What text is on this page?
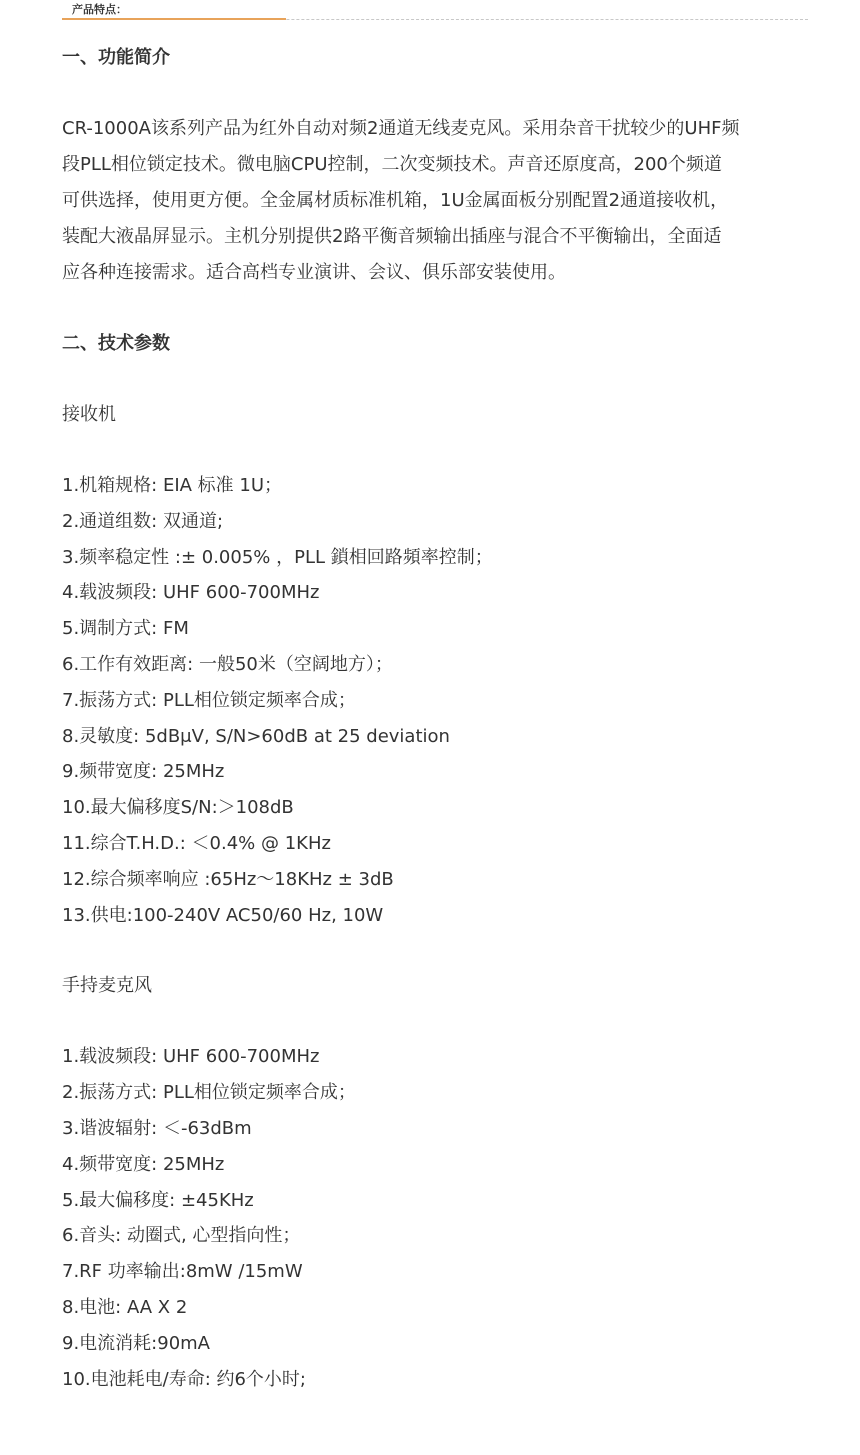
产品特点：
一、功能简介

CR-1000A该系列产品为红外自动对频2通道无线麦克风。采用杂音干扰较少的UHF频

段PLL相位锁定技术。微电脑CPU控制，二次变频技术。声音还原度高，200个频道

可供选择，使用更方便。全金属材质标准机箱，1U金属面板分别配置2通道接收机，

装配大液晶屏显示。主机分别提供2路平衡音频输出插座与混合不平衡输出，全面适

应各种连接需求。适合高档专业演讲、会议、俱乐部安装使用。

二、技术参数

接收机

1.机箱规格: EIA 标准 1U；
2.通道组数: 双通道;
3.频率稳定性 :± 0.005% ，PLL 鎖相回路頻率控制；
4.载波频段: UHF 600-700MHz
5.调制方式: FM
6.工作有效距离: 一般50米（空阔地方）；
7.振荡方式: PLL相位锁定频率合成；
8.灵敏度: 5dBμV, S/N>60dB at 25 deviation
9.频带宽度: 25MHz
10.最大偏移度S/N:＞108dB
11.综合T.H.D.: ＜0.4% @ 1KHz
12.综合频率响应 :65Hz～18KHz ± 3dB
13.供电:100-240V AC50/60 Hz, 10W

手持麦克风

1.载波频段: UHF 600-700MHz
2.振荡方式: PLL相位锁定频率合成；
3.谐波辐射: ＜-63dBm
4.频带宽度: 25MHz
5.最大偏移度: ±45KHz
6.音头: 动圈式, 心型指向性；
7.RF 功率输出:8mW /15mW
8.电池: AA X 2
9.电流消耗:90mA
10.电池耗电/寿命: 约6个小时;
